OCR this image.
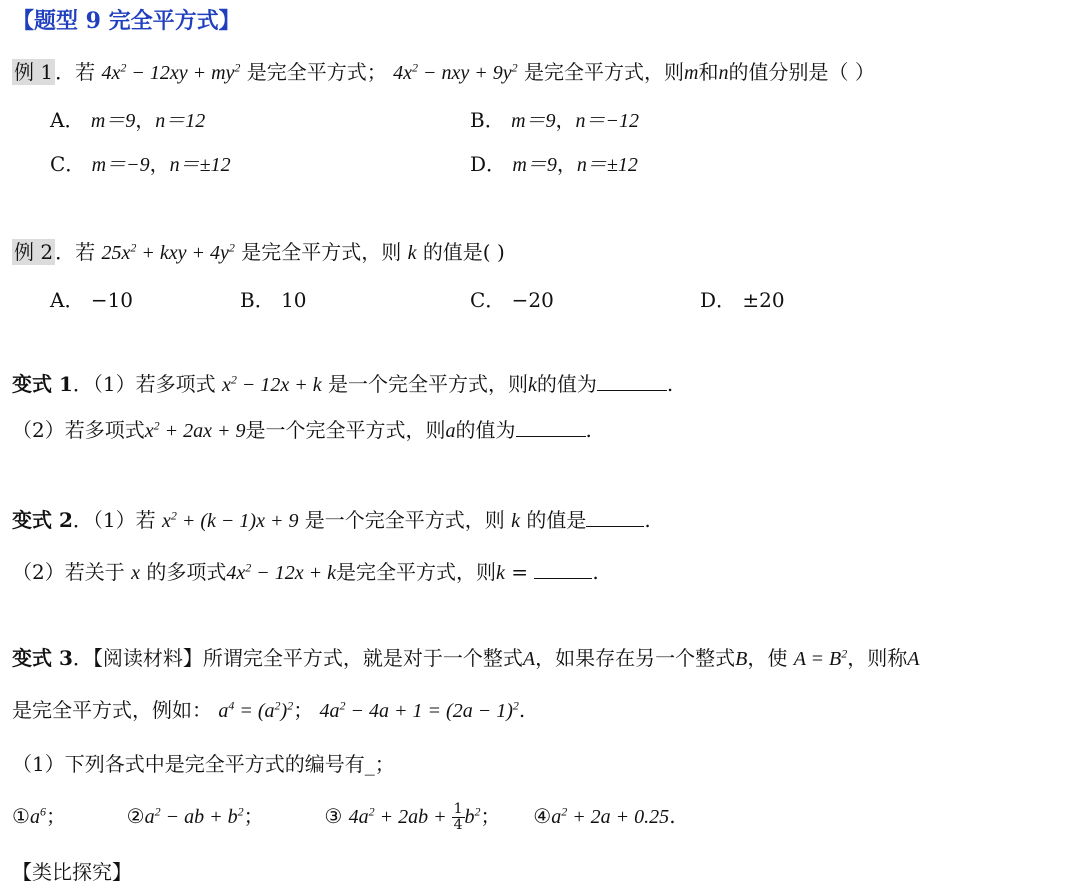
【题型 9 完全平方式】
例 1 ．若 $4x^2 - 12xy + my^2$ 是完全平方式； $4x^2$ − nxy + $9y^2$ 是完全平方式，则m和n的值分别是（ ）
A． m＝9，n＝12	B． m＝9，n＝−12
C． m＝−9，n＝±12	D． m＝9，n＝±12
例 2 ．若 $25x^2$ + kxy + $4y^2$ 是完全平方式，则 k 的值是( )
A． −10	B． 10	C． −20	D． ±20
变式 1．（1）若多项式 $x^2 - 12x + k$ 是一个完全平方式，则k的值为	.
（2）若多项式$x^2 + 2ax + 9$是一个完全平方式，则a的值为	.
变式 2．（1）若 $x^2 + (k - 1)x + 9$ 是一个完全平方式，则 k 的值是	.
（2）若关于 x 的多项式$4x^2 - 12x + k$是完全平方式，则k =	.
变式 3．【阅读材料】所谓完全平方式，就是对于一个整式A，如果存在另一个整式B，使 $A = B^2$，则称A
是完全平方式，例如： $a^4 = (a^2)^2$； $4a^2 - 4a + 1 = (2a - 1)^2$.
（1）下列各式中是完全平方式的编号有_；
$①a^6$；	$②a^2$ − ab + $b^2$；	③ $4a^2 + 2ab + \frac{1}{4} b^2$；  $④a^2 + 2a + 0.25$.
【类比探究】
